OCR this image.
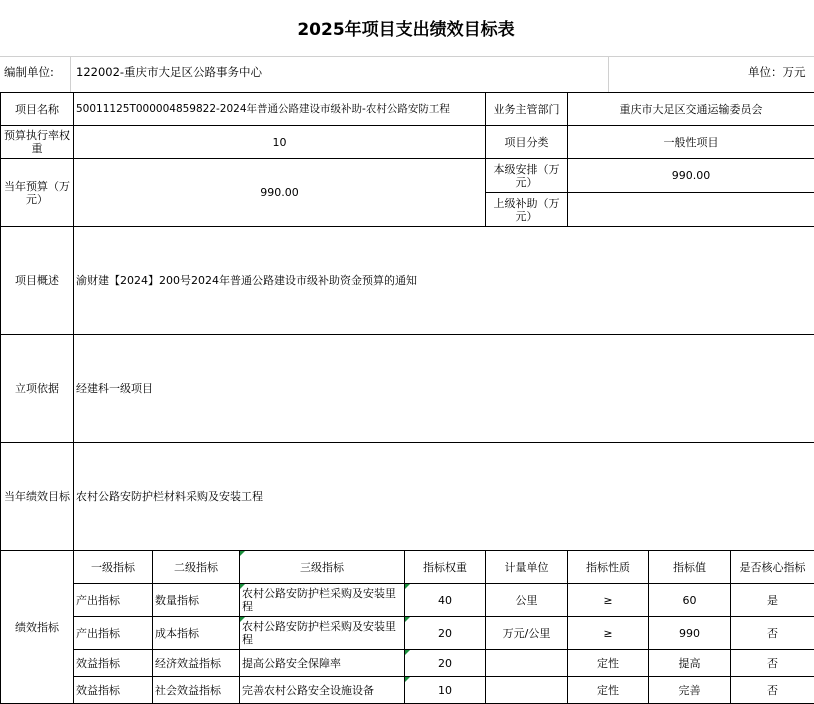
2025年项目支出绩效目标表
编制单位: 122002-重庆市大足区公路事务中心	单位：万元
项目名称	50011125T000004859822-2024年普通公路建设市级补助-农村公路安防工程				业务主管部门	重庆市大足区交通运输委员会		
预算执行率权重	10				项目分类	一般性项目		
当年预算（万元）	990.00				本级安排（万元）	990.00		
					上级补助（万元）			
项目概述	渝财建【2024】200号2024年普通公路建设市级补助资金预算的通知							
立项依据	经建科一级项目							
当年绩效目标	农村公路安防护栏材料采购及安装工程							
绩效指标	一级指标	二级指标	三级指标	指标权重	计量单位	指标性质	指标值	是否核心指标
	产出指标	数量指标	农村公路安防护栏采购及安装里程	40	公里	≥	60	是
	产出指标	成本指标	农村公路安防护栏采购及安装里程	20	万元/公里	≥	990	否
	效益指标	经济效益指标	提高公路安全保障率	20		定性	提高	否
	效益指标	社会效益指标	完善农村公路安全设施设备	10		定性	完善	否
